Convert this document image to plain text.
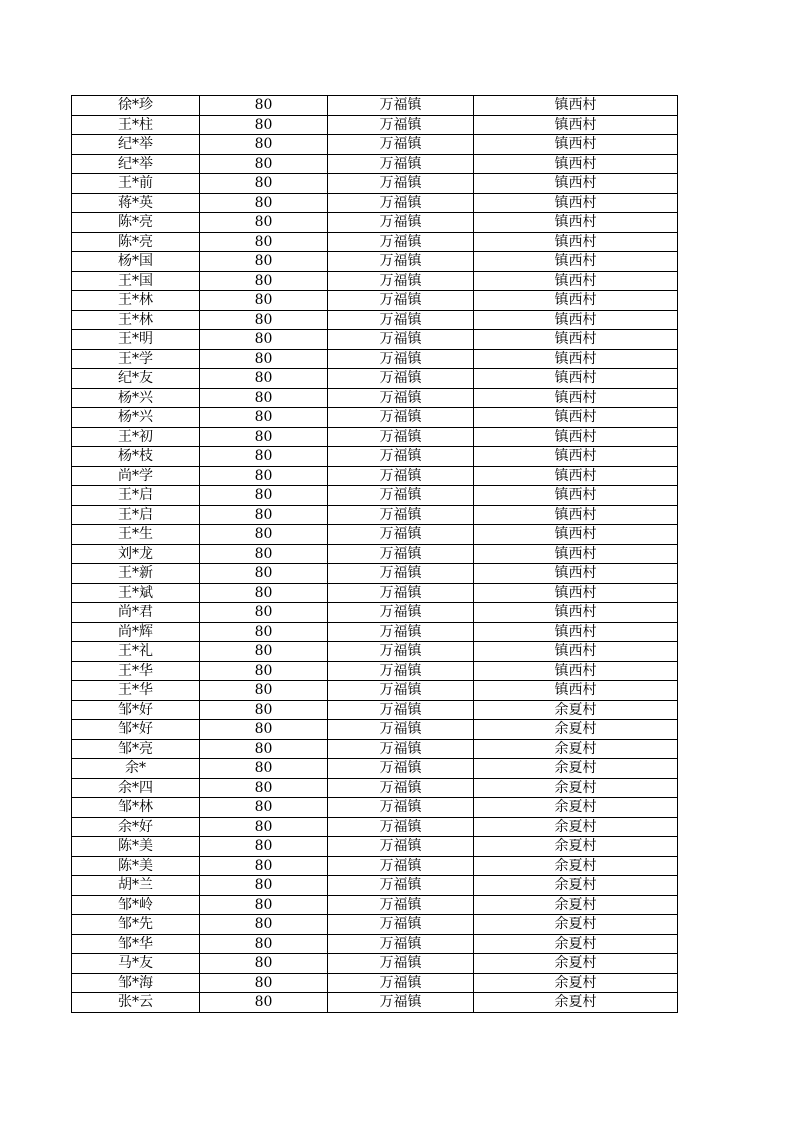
徐*珍	80	万福镇	镇西村
王*柱	80	万福镇	镇西村
纪*举	80	万福镇	镇西村
纪*举	80	万福镇	镇西村
王*前	80	万福镇	镇西村
蒋*英	80	万福镇	镇西村
陈*亮	80	万福镇	镇西村
陈*亮	80	万福镇	镇西村
杨*国	80	万福镇	镇西村
王*国	80	万福镇	镇西村
王*林	80	万福镇	镇西村
王*林	80	万福镇	镇西村
王*明	80	万福镇	镇西村
王*学	80	万福镇	镇西村
纪*友	80	万福镇	镇西村
杨*兴	80	万福镇	镇西村
杨*兴	80	万福镇	镇西村
王*初	80	万福镇	镇西村
杨*枝	80	万福镇	镇西村
尚*学	80	万福镇	镇西村
王*启	80	万福镇	镇西村
王*启	80	万福镇	镇西村
王*生	80	万福镇	镇西村
刘*龙	80	万福镇	镇西村
王*新	80	万福镇	镇西村
王*斌	80	万福镇	镇西村
尚*君	80	万福镇	镇西村
尚*辉	80	万福镇	镇西村
王*礼	80	万福镇	镇西村
王*华	80	万福镇	镇西村
王*华	80	万福镇	镇西村
邹*好	80	万福镇	余夏村
邹*好	80	万福镇	余夏村
邹*亮	80	万福镇	余夏村
余*	80	万福镇	余夏村
余*四	80	万福镇	余夏村
邹*林	80	万福镇	余夏村
余*好	80	万福镇	余夏村
陈*美	80	万福镇	余夏村
陈*美	80	万福镇	余夏村
胡*兰	80	万福镇	余夏村
邹*岭	80	万福镇	余夏村
邹*先	80	万福镇	余夏村
邹*华	80	万福镇	余夏村
马*友	80	万福镇	余夏村
邹*海	80	万福镇	余夏村
张*云	80	万福镇	余夏村
